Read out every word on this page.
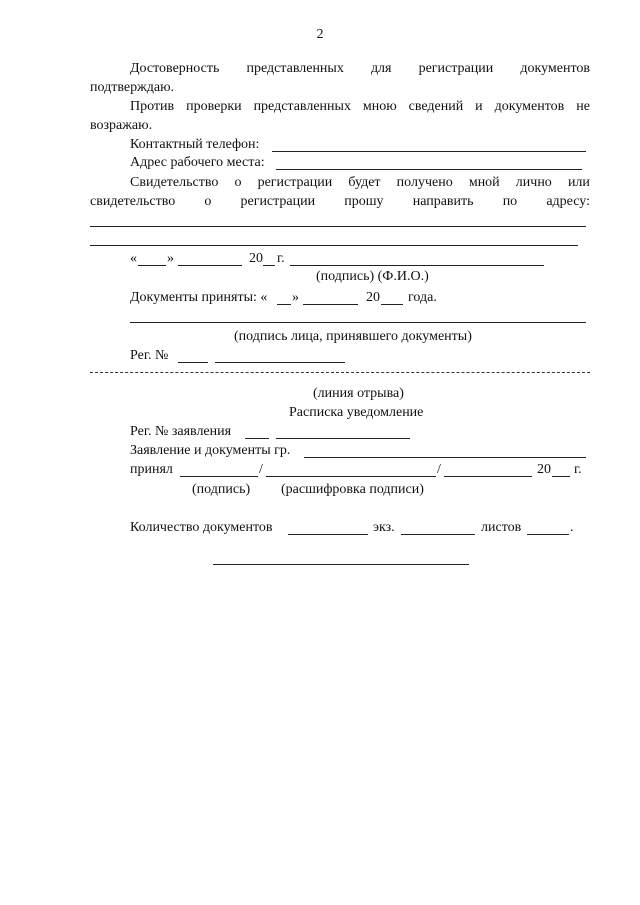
2
Достоверность представленных для регистрации документов
подтверждаю.
Против проверки представленных мною сведений и документов не
возражаю.
Контактный телефон:
Адрес рабочего места:
Свидетельство о регистрации будет получено мной лично или
свидетельство о регистрации прошу направить по адресу:
« »	20 г.
(подпись) (Ф.И.О.)
Документы приняты: « »	20 года.
(подпись лица, принявшего документы)
Рег. №
(линия отрыва)
Расписка уведомление
Рег. № заявления
Заявление и документы гр.
принял	/	/	20 г.
(подпись) (расшифровка подписи)
Количество документов	экз.	листов	.
